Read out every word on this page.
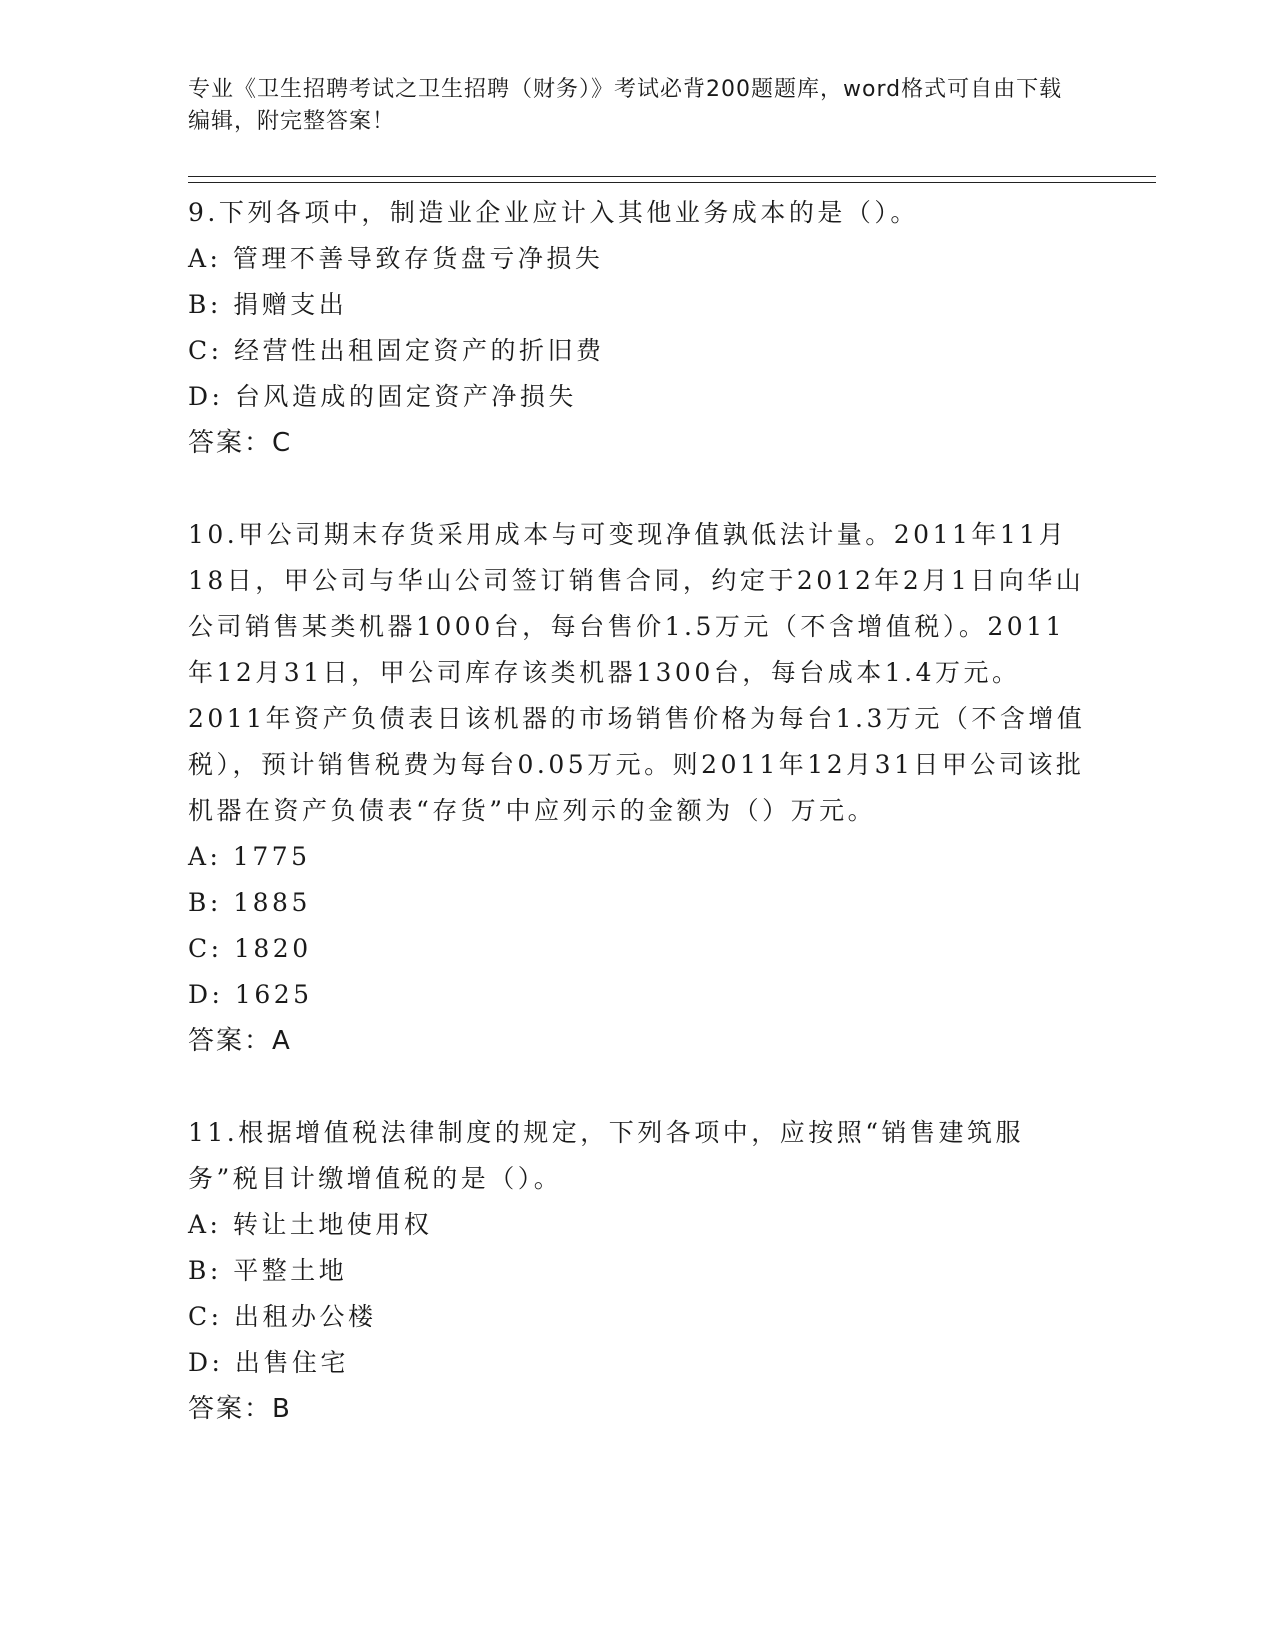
专业《卫生招聘考试之卫生招聘（财务）》考试必背200题题库，word格式可自由下载编辑，附完整答案！

9.下列各项中，制造业企业应计入其他业务成本的是（）。

A: 管理不善导致存货盘亏净损失

B: 捐赠支出

C: 经营性出租固定资产的折旧费

D: 台风造成的固定资产净损失

答案：C

10.甲公司期末存货采用成本与可变现净值孰低法计量。2011年11月18日，甲公司与华山公司签订销售合同，约定于2012年2月1日向华山公司销售某类机器1000台，每台售价1.5万元（不含增值税）。2011年12月31日，甲公司库存该类机器1300台，每台成本1.4万元。2011年资产负债表日该机器的市场销售价格为每台1.3万元（不含增值税），预计销售税费为每台0.05万元。则2011年12月31日甲公司该批机器在资产负债表“存货”中应列示的金额为（）万元。

A: 1775

B: 1885

C: 1820

D: 1625

答案：A

11.根据增值税法律制度的规定，下列各项中，应按照“销售建筑服务”税目计缴增值税的是（）。

A: 转让土地使用权

B: 平整土地

C: 出租办公楼

D: 出售住宅

答案：B
